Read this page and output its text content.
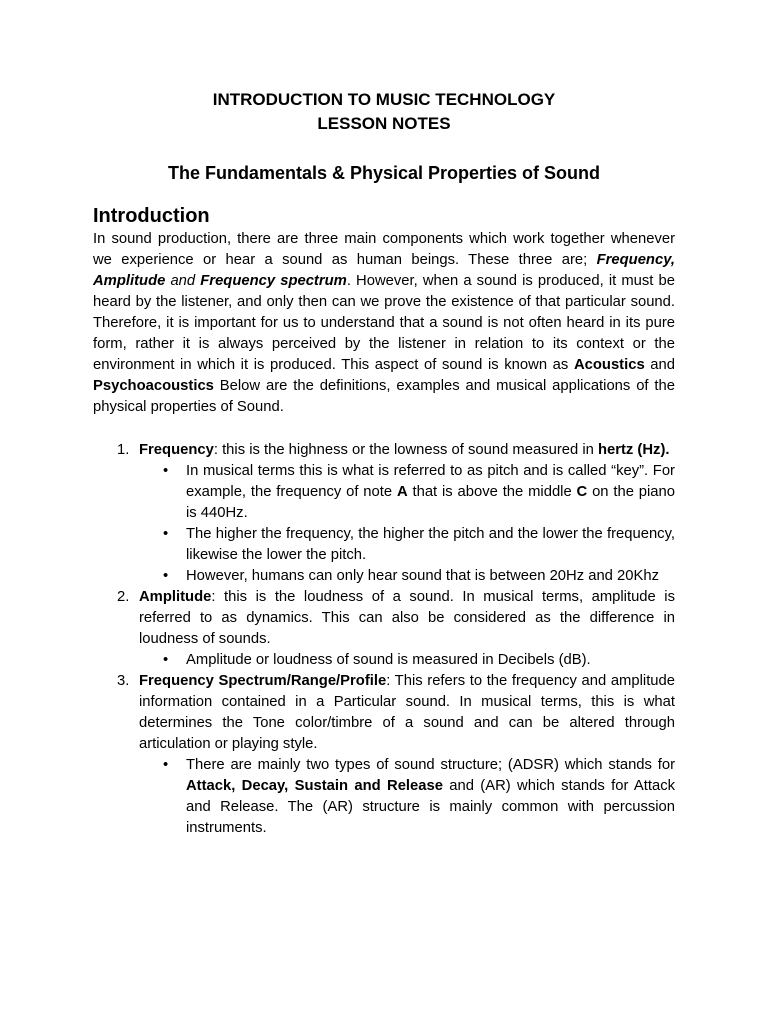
INTRODUCTION TO MUSIC TECHNOLOGY

LESSON NOTES

The Fundamentals & Physical Properties of Sound

Introduction

In sound production, there are three main components which work together whenever we experience or hear a sound as human beings. These three are; Frequency, Amplitude and Frequency spectrum. However, when a sound is produced, it must be heard by the listener, and only then can we prove the existence of that particular sound. Therefore, it is important for us to understand that a sound is not often heard in its pure form, rather it is always perceived by the listener in relation to its context or the environment in which it is produced. This aspect of sound is known as Acoustics and Psychoacoustics Below are the definitions, examples and musical applications of the physical properties of Sound.

1. Frequency: this is the highness or the lowness of sound measured in hertz (Hz).
• In musical terms this is what is referred to as pitch and is called “key”. For example, the frequency of note A that is above the middle C on the piano is 440Hz.
• The higher the frequency, the higher the pitch and the lower the frequency, likewise the lower the pitch.
• However, humans can only hear sound that is between 20Hz and 20Khz
2. Amplitude: this is the loudness of a sound. In musical terms, amplitude is referred to as dynamics. This can also be considered as the difference in loudness of sounds.
• Amplitude or loudness of sound is measured in Decibels (dB).
3. Frequency Spectrum/Range/Profile: This refers to the frequency and amplitude information contained in a Particular sound. In musical terms, this is what determines the Tone color/timbre of a sound and can be altered through articulation or playing style.
• There are mainly two types of sound structure; (ADSR) which stands for Attack, Decay, Sustain and Release and (AR) which stands for Attack and Release. The (AR) structure is mainly common with percussion instruments.
